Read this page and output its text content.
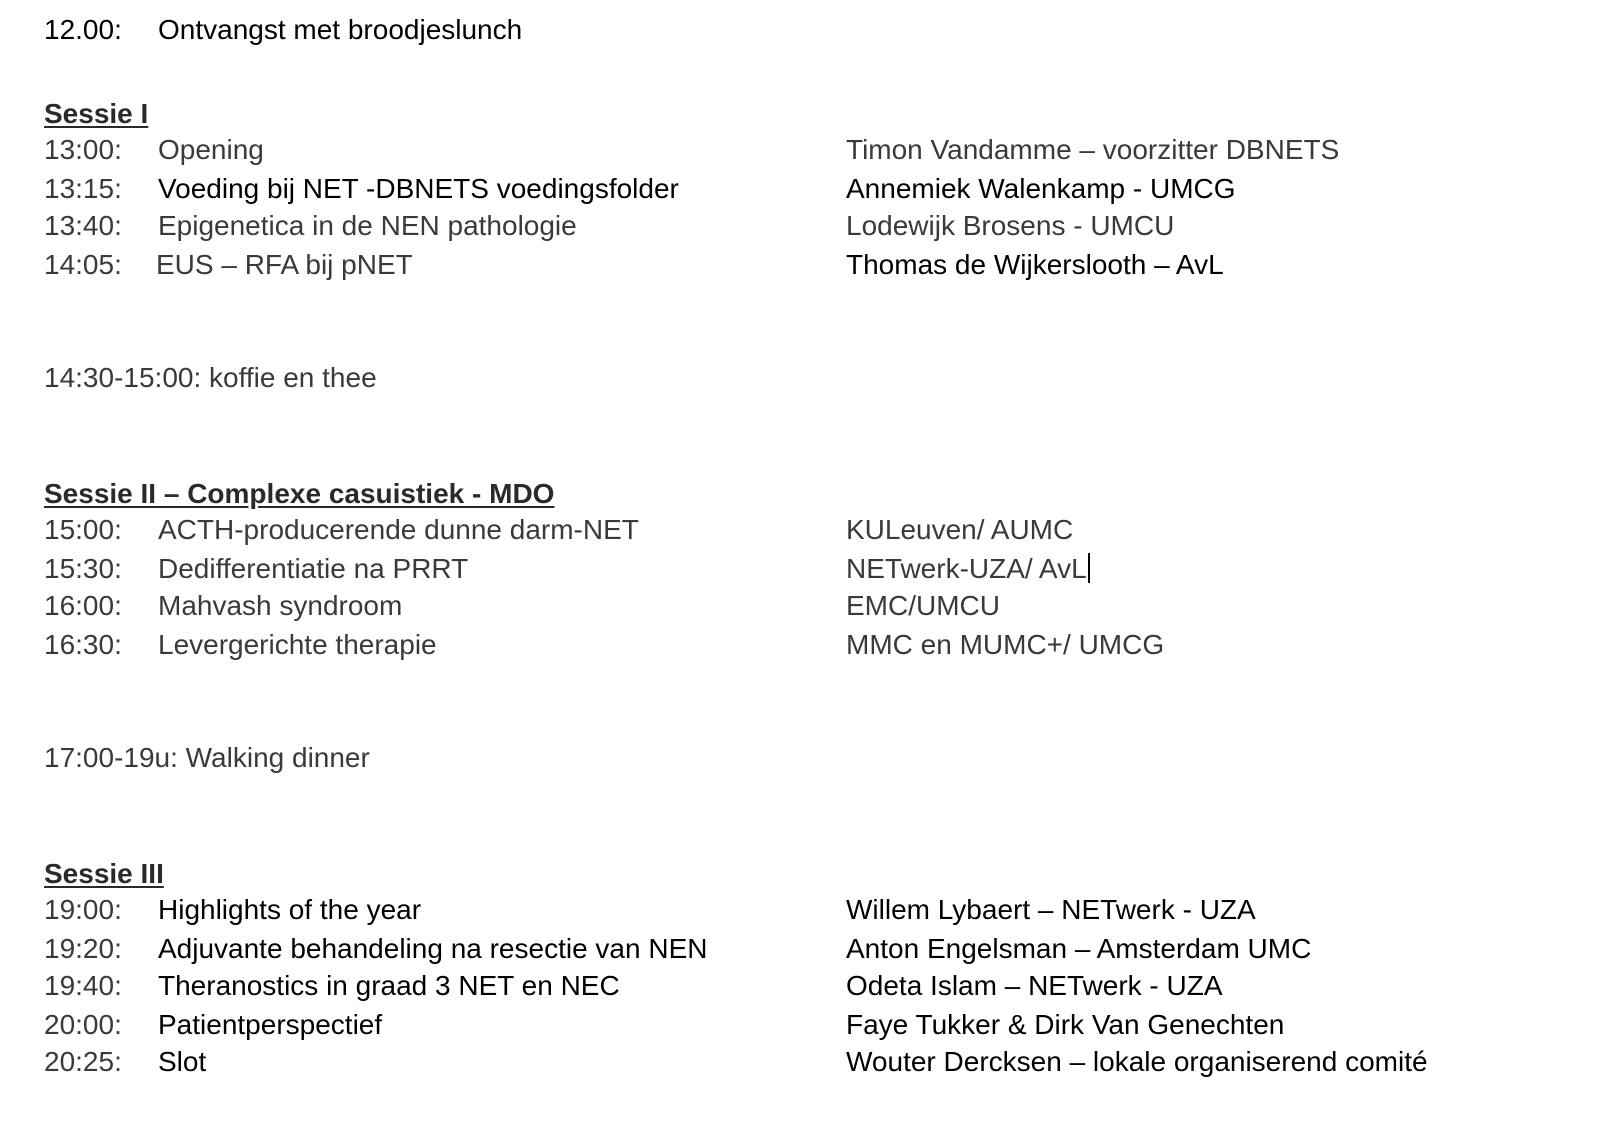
12.00: Ontvangst met broodjeslunch
Sessie I
13:00: Opening	Timon Vandamme – voorzitter DBNETS
13:15: Voeding bij NET -DBNETS voedingsfolder	Annemiek Walenkamp - UMCG
13:40: Epigenetica in de NEN pathologie	Lodewijk Brosens - UMCU
14:05: EUS – RFA bij pNET	Thomas de Wijkerslooth – AvL
14:30-15:00: koffie en thee
Sessie II – Complexe casuistiek - MDO
15:00: ACTH-producerende dunne darm-NET	KULeuven/ AUMC
15:30: Dedifferentiatie na PRRT	NETwerk-UZA/ AvL
16:00: Mahvash syndroom	EMC/UMCU
16:30: Levergerichte therapie	MMC en MUMC+/ UMCG
17:00-19u: Walking dinner
Sessie III
19:00: Highlights of the year	Willem Lybaert – NETwerk - UZA
19:20: Adjuvante behandeling na resectie van NEN	Anton Engelsman – Amsterdam UMC
19:40: Theranostics in graad 3 NET en NEC	Odeta Islam – NETwerk - UZA
20:00: Patientperspectief	Faye Tukker & Dirk Van Genechten
20:25: Slot	Wouter Dercksen – lokale organiserend comité
